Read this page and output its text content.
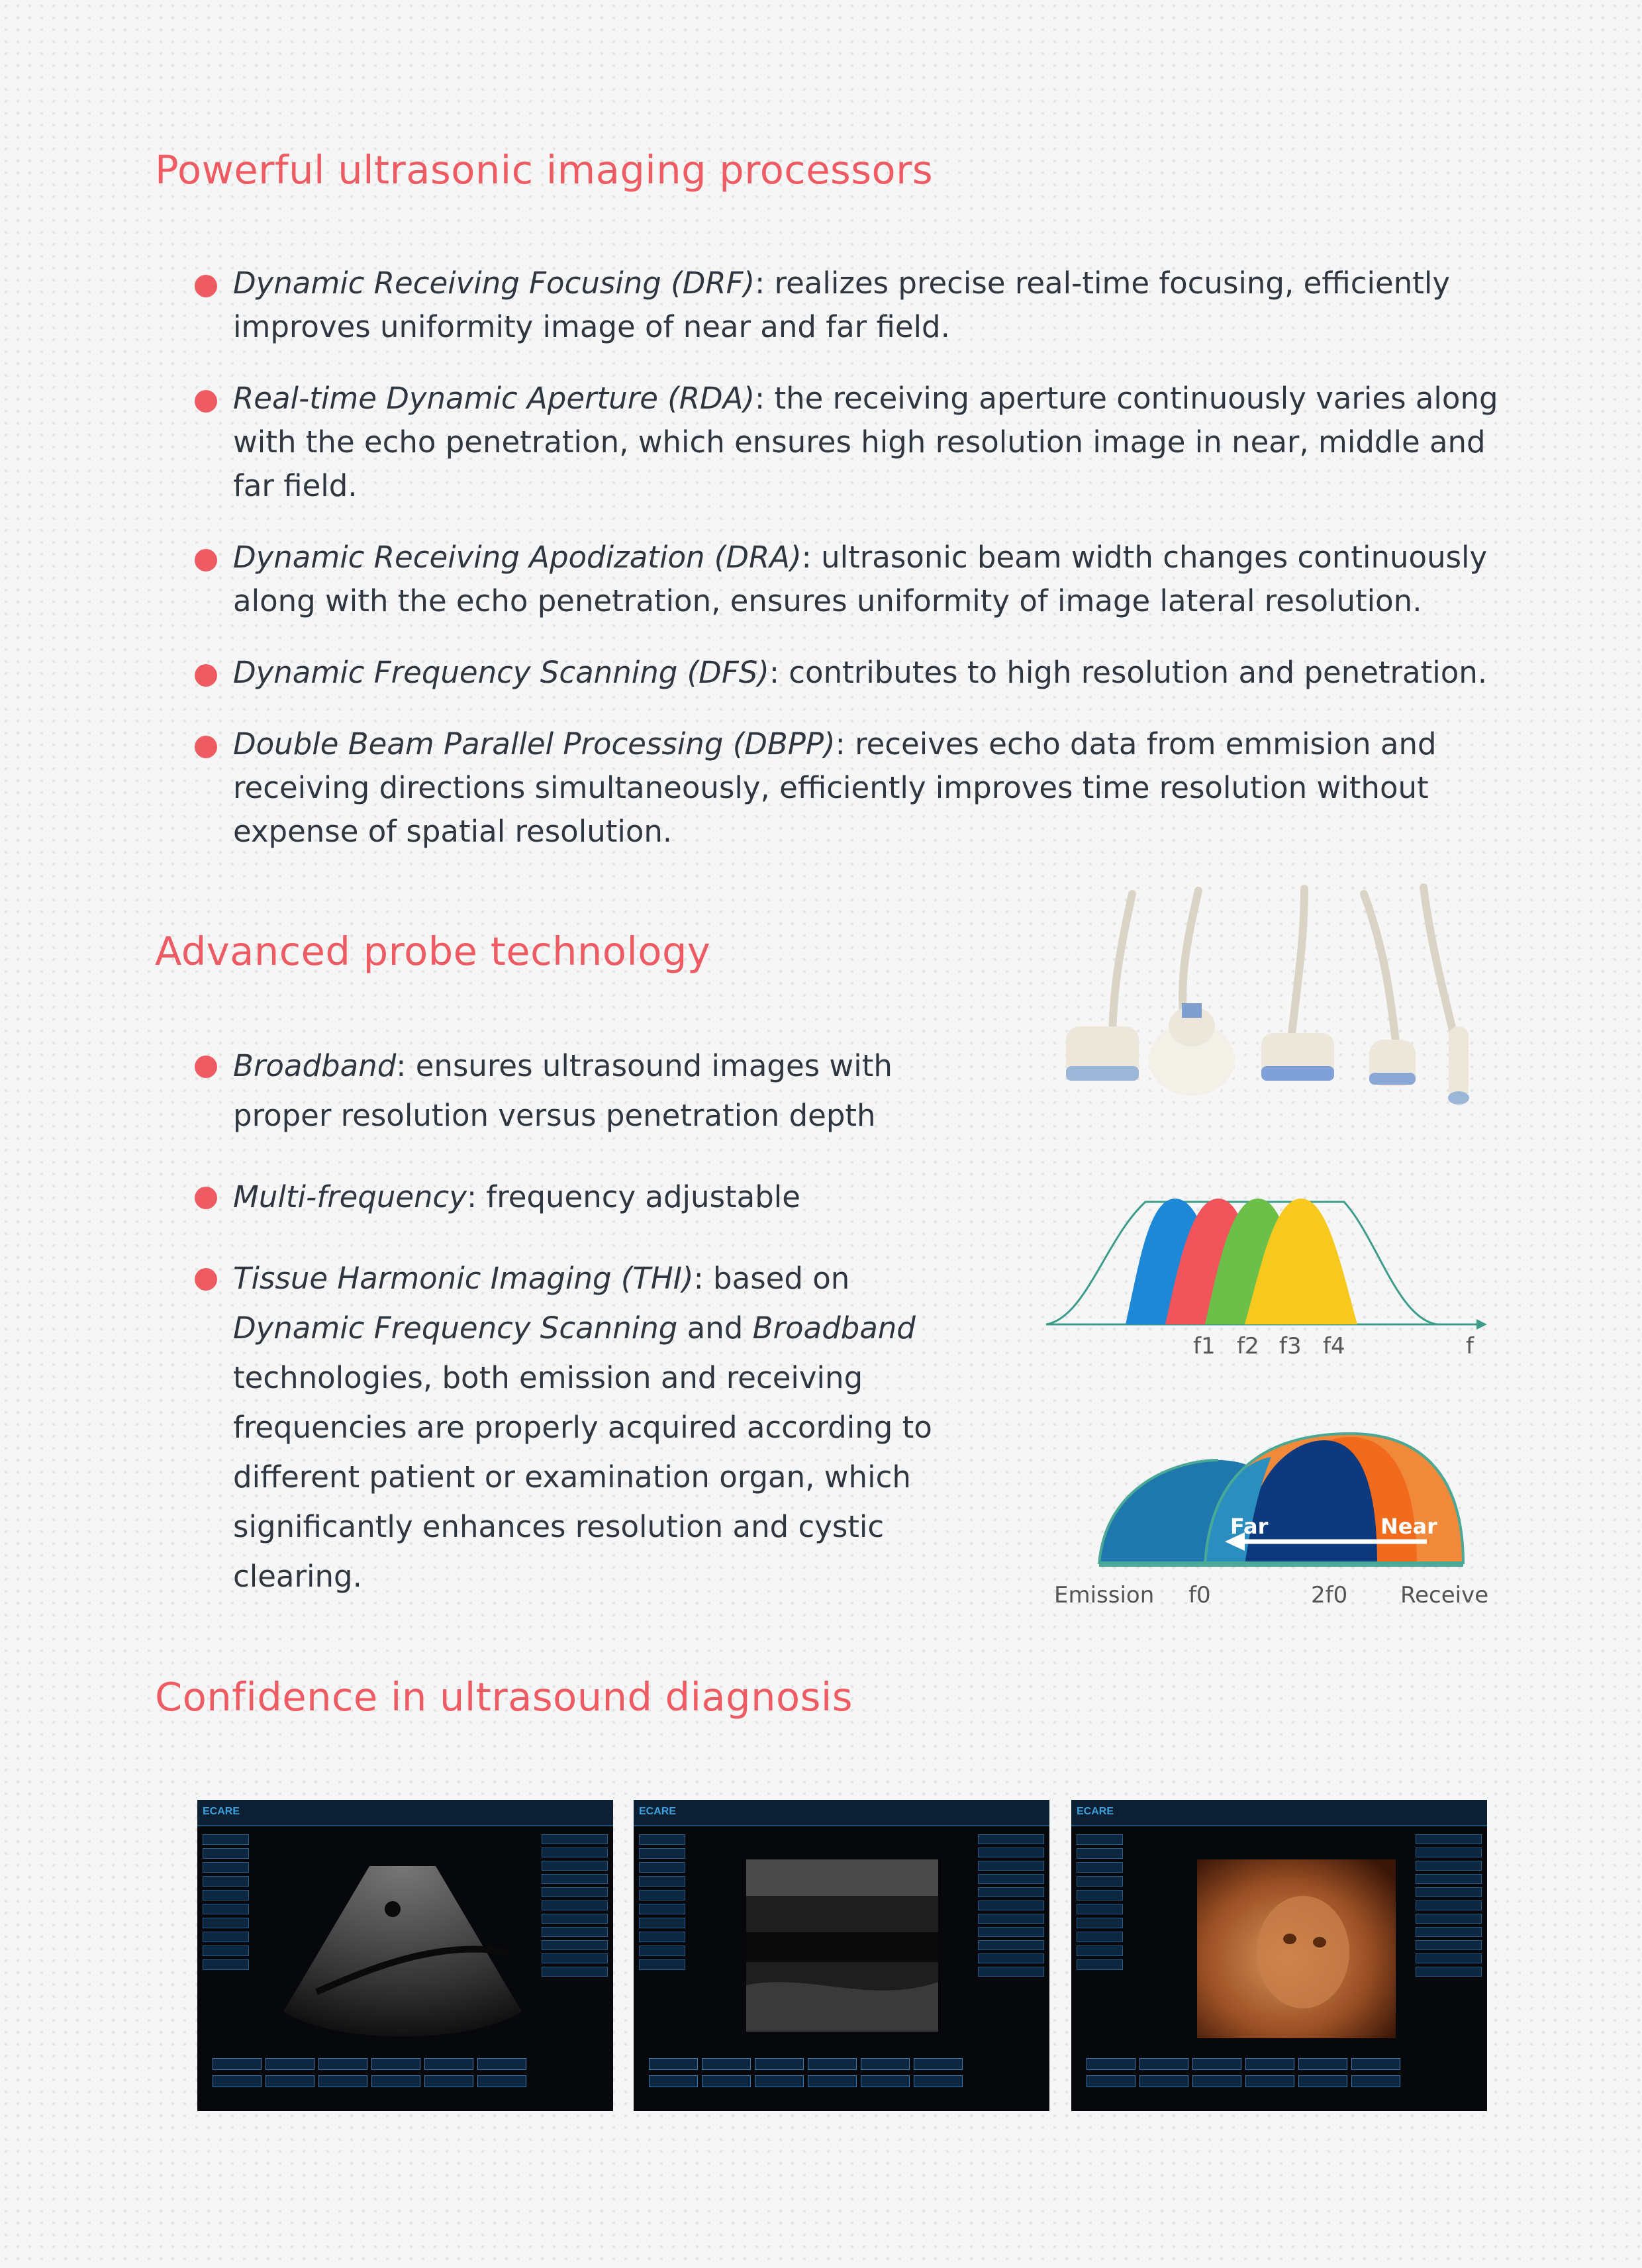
Powerful ultrasonic imaging processors
Dynamic Receiving Focusing (DRF): realizes precise real-time focusing, efficiently improves uniformity image of near and far field.
Real-time Dynamic Aperture (RDA): the receiving aperture continuously varies along with the echo penetration, which ensures high resolution image in near, middle and far field.
Dynamic Receiving Apodization (DRA): ultrasonic beam width changes continuously along with the echo penetration, ensures uniformity of image lateral resolution.
Dynamic Frequency Scanning (DFS): contributes to high resolution and penetration.
Double Beam Parallel Processing (DBPP): receives echo data from emmision and receiving directions simultaneously, efficiently improves time resolution without expense of spatial resolution.
Advanced probe technology
Broadband: ensures ultrasound images with proper resolution versus penetration depth
Multi-frequency: frequency adjustable
Tissue Harmonic Imaging (THI): based on Dynamic Frequency Scanning and Broadband technologies, both emission and receiving frequencies are properly acquired according to different patient or examination organ, which significantly enhances resolution and cystic clearing.
f1 f2 f3 f4	f
Far	Near
Emission f0	2f0 Receive
Confidence in ultrasound diagnosis
ECARE	ECARE	ECARE
